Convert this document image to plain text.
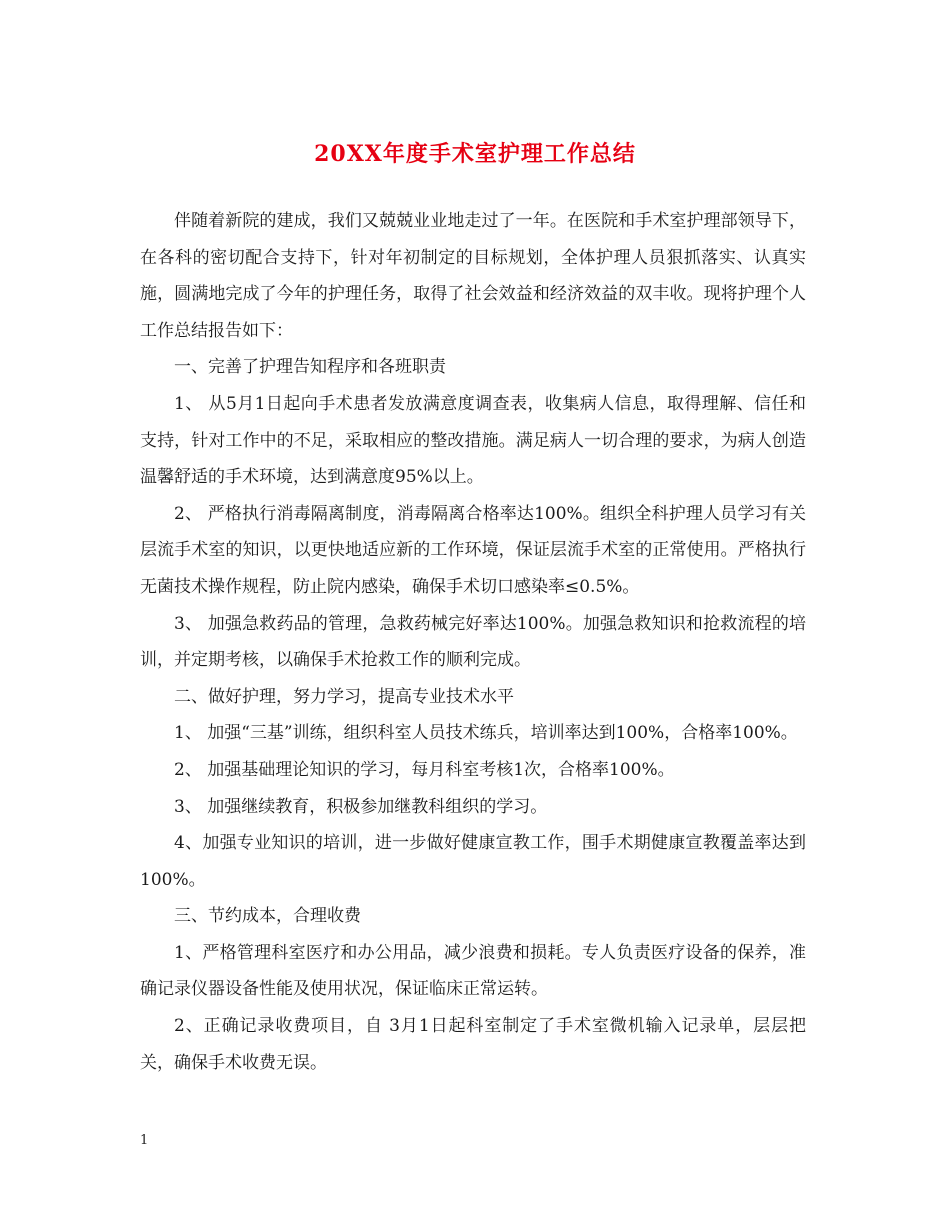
20XX年度手术室护理工作总结

伴随着新院的建成，我们又兢兢业业地走过了一年。在医院和手术室护理部领导下，在各科的密切配合支持下，针对年初制定的目标规划，全体护理人员狠抓落实、认真实施，圆满地完成了今年的护理任务，取得了社会效益和经济效益的双丰收。现将护理个人工作总结报告如下：

一、完善了护理告知程序和各班职责

1、 从5月1日起向手术患者发放满意度调查表，收集病人信息，取得理解、信任和支持，针对工作中的不足，采取相应的整改措施。满足病人一切合理的要求，为病人创造温馨舒适的手术环境，达到满意度95%以上。

2、 严格执行消毒隔离制度，消毒隔离合格率达100%。组织全科护理人员学习有关层流手术室的知识，以更快地适应新的工作环境，保证层流手术室的正常使用。严格执行无菌技术操作规程，防止院内感染，确保手术切口感染率≤0.5%。

3、 加强急救药品的管理，急救药械完好率达100%。加强急救知识和抢救流程的培训，并定期考核，以确保手术抢救工作的顺利完成。

二、做好护理，努力学习，提高专业技术水平

1、 加强“三基”训练，组织科室人员技术练兵，培训率达到100%，合格率100%。

2、 加强基础理论知识的学习，每月科室考核1次，合格率100%。

3、 加强继续教育，积极参加继教科组织的学习。

4、加强专业知识的培训，进一步做好健康宣教工作，围手术期健康宣教覆盖率达到100%。

三、节约成本，合理收费

1、严格管理科室医疗和办公用品，减少浪费和损耗。专人负责医疗设备的保养，准确记录仪器设备性能及使用状况，保证临床正常运转。

2、正确记录收费项目，自 3月1日起科室制定了手术室微机输入记录单，层层把关，确保手术收费无误。

1
